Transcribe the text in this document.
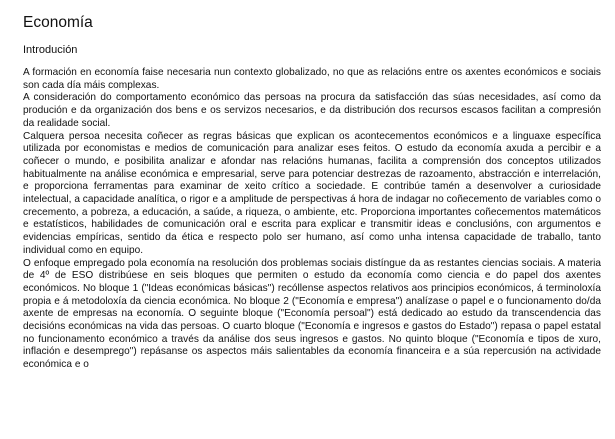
Economía
Introdución

A formación en economía faise necesaria nun contexto globalizado, no que as relacións entre os axentes económicos e sociais son cada día máis complexas.

A consideración do comportamento económico das persoas na procura da satisfacción das súas necesidades, así como da produción e da organización dos bens e os servizos necesarios, e da distribución dos recursos escasos facilitan a compresión da realidade social.

Calquera persoa necesita coñecer as regras básicas que explican os acontecementos económicos e a linguaxe específica utilizada por economistas e medios de comunicación para analizar eses feitos. O estudo da economía axuda a percibir e a coñecer o mundo, e posibilita analizar e afondar nas relacións humanas, facilita a comprensión dos conceptos utilizados habitualmente na análise económica e empresarial, serve para potenciar destrezas de razoamento, abstracción e interrelación, e proporciona ferramentas para examinar de xeito crítico a sociedade. E contribúe tamén a desenvolver a curiosidade intelectual, a capacidade analítica, o rigor e a amplitude de perspectivas á hora de indagar no coñecemento de variables como o crecemento, a pobreza, a educación, a saúde, a riqueza, o ambiente, etc. Proporciona importantes coñecementos matemáticos e estatísticos, habilidades de comunicación oral e escrita para explicar e transmitir ideas e conclusións, con argumentos e evidencias empíricas, sentido da ética e respecto polo ser humano, así como unha intensa capacidade de traballo, tanto individual como en equipo.

O enfoque empregado pola economía na resolución dos problemas sociais distíngue da as restantes ciencias sociais. A materia de 4º de ESO distribúese en seis bloques que permiten o estudo da economía como ciencia e do papel dos axentes económicos. No bloque 1 ("Ideas económicas básicas") recóllense aspectos relativos aos principios económicos, á terminoloxía propia e á metodoloxía da ciencia económica. No bloque 2 ("Economía e empresa") analízase o papel e o funcionamento do/da axente de empresas na economía. O seguinte bloque ("Economía persoal") está dedicado ao estudo da transcendencia das decisións económicas na vida das persoas. O cuarto bloque ("Economía e ingresos e gastos do Estado") repasa o papel estatal no funcionamento económico a través da análise dos seus ingresos e gastos. No quinto bloque ("Economía e tipos de xuro, inflación e desemprego") repásanse os aspectos máis salientables da economía financeira e a súa repercusión na actividade económica e o
